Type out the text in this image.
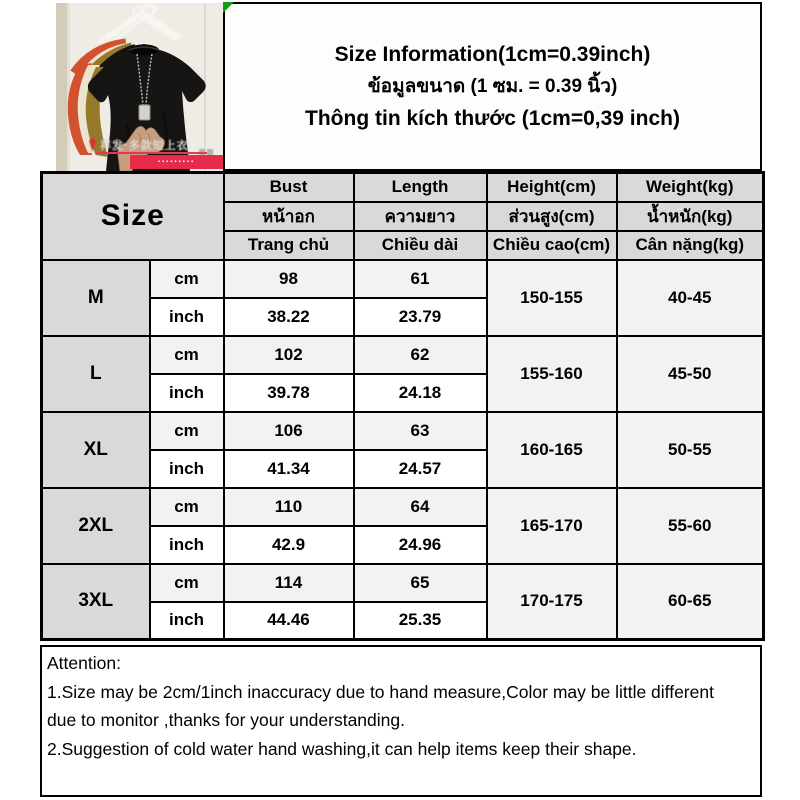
祥发·多款短上衣
▪▪▪▪▪▪▪▪▪
Size Information(1cm=0.39inch)
ข้อมูลขนาด (1 ซม. = 0.39 นิ้ว)
Thông tin kích thước (1cm=0,39 inch)
Size		Bust	Length	Height(cm)	Weight(kg)
		หน้าอก	ความยาว	ส่วนสูง(cm)	น้ำหนัก(kg)
		Trang chủ	Chiều dài	Chiều cao(cm)	Cân nặng(kg)
M	cm	98	61	150-155	40-45
	inch	38.22	23.79		
L	cm	102	62	155-160	45-50
	inch	39.78	24.18		
XL	cm	106	63	160-165	50-55
	inch	41.34	24.57		
2XL	cm	110	64	165-170	55-60
	inch	42.9	24.96		
3XL	cm	114	65	170-175	60-65
	inch	44.46	25.35		
Attention:
1.Size may be 2cm/1inch inaccuracy due to hand measure,Color may be little different due to monitor ,thanks for your understanding.
2.Suggestion of cold water hand washing,it can help items keep their shape.
